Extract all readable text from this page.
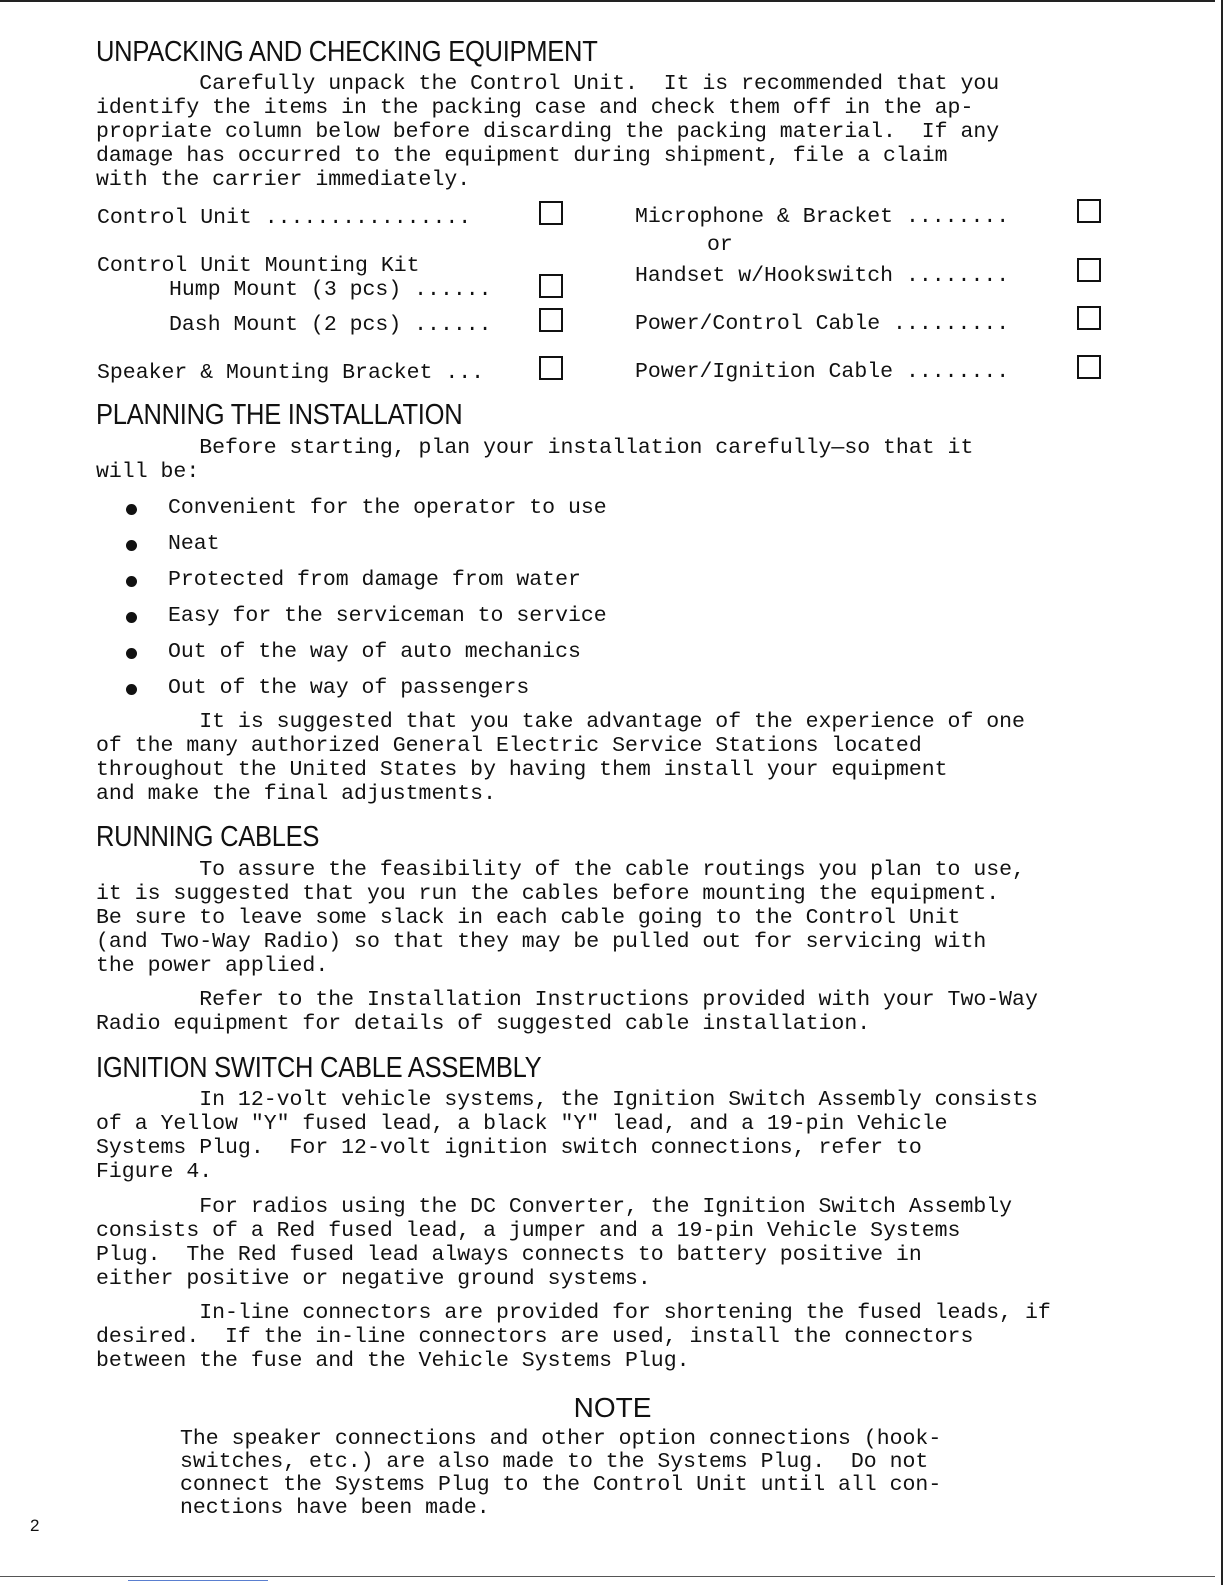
UNPACKING AND CHECKING EQUIPMENT

Carefully unpack the Control Unit.  It is recommended that you
identify the items in the packing case and check them off in the ap-
propriate column below before discarding the packing material.  If any
damage has occurred to the equipment during shipment, file a claim
with the carrier immediately.

Control Unit ................
Control Unit Mounting Kit
Hump Mount (3 pcs) ......
Dash Mount (2 pcs) ......
Speaker & Mounting Bracket ...
Microphone & Bracket ........
or
Handset w/Hookswitch ........
Power/Control Cable .........
Power/Ignition Cable ........
PLANNING THE INSTALLATION

Before starting, plan your installation carefully—so that it
will be:

Convenient for the operator to use
Neat
Protected from damage from water
Easy for the serviceman to service
Out of the way of auto mechanics
Out of the way of passengers

It is suggested that you take advantage of the experience of one
of the many authorized General Electric Service Stations located
throughout the United States by having them install your equipment
and make the final adjustments.

RUNNING CABLES

To assure the feasibility of the cable routings you plan to use,
it is suggested that you run the cables before mounting the equipment.
Be sure to leave some slack in each cable going to the Control Unit
(and Two-Way Radio) so that they may be pulled out for servicing with
the power applied.

Refer to the Installation Instructions provided with your Two-Way
Radio equipment for details of suggested cable installation.

IGNITION SWITCH CABLE ASSEMBLY

In 12-volt vehicle systems, the Ignition Switch Assembly consists
of a Yellow "Y" fused lead, a black "Y" lead, and a 19-pin Vehicle
Systems Plug.  For 12-volt ignition switch connections, refer to
Figure 4.

For radios using the DC Converter, the Ignition Switch Assembly
consists of a Red fused lead, a jumper and a 19-pin Vehicle Systems
Plug.  The Red fused lead always connects to battery positive in
either positive or negative ground systems.

In-line connectors are provided for shortening the fused leads, if
desired.  If the in-line connectors are used, install the connectors
between the fuse and the Vehicle Systems Plug.

NOTE

The speaker connections and other option connections (hook-
switches, etc.) are also made to the Systems Plug.  Do not
connect the Systems Plug to the Control Unit until all con-
nections have been made.

2
